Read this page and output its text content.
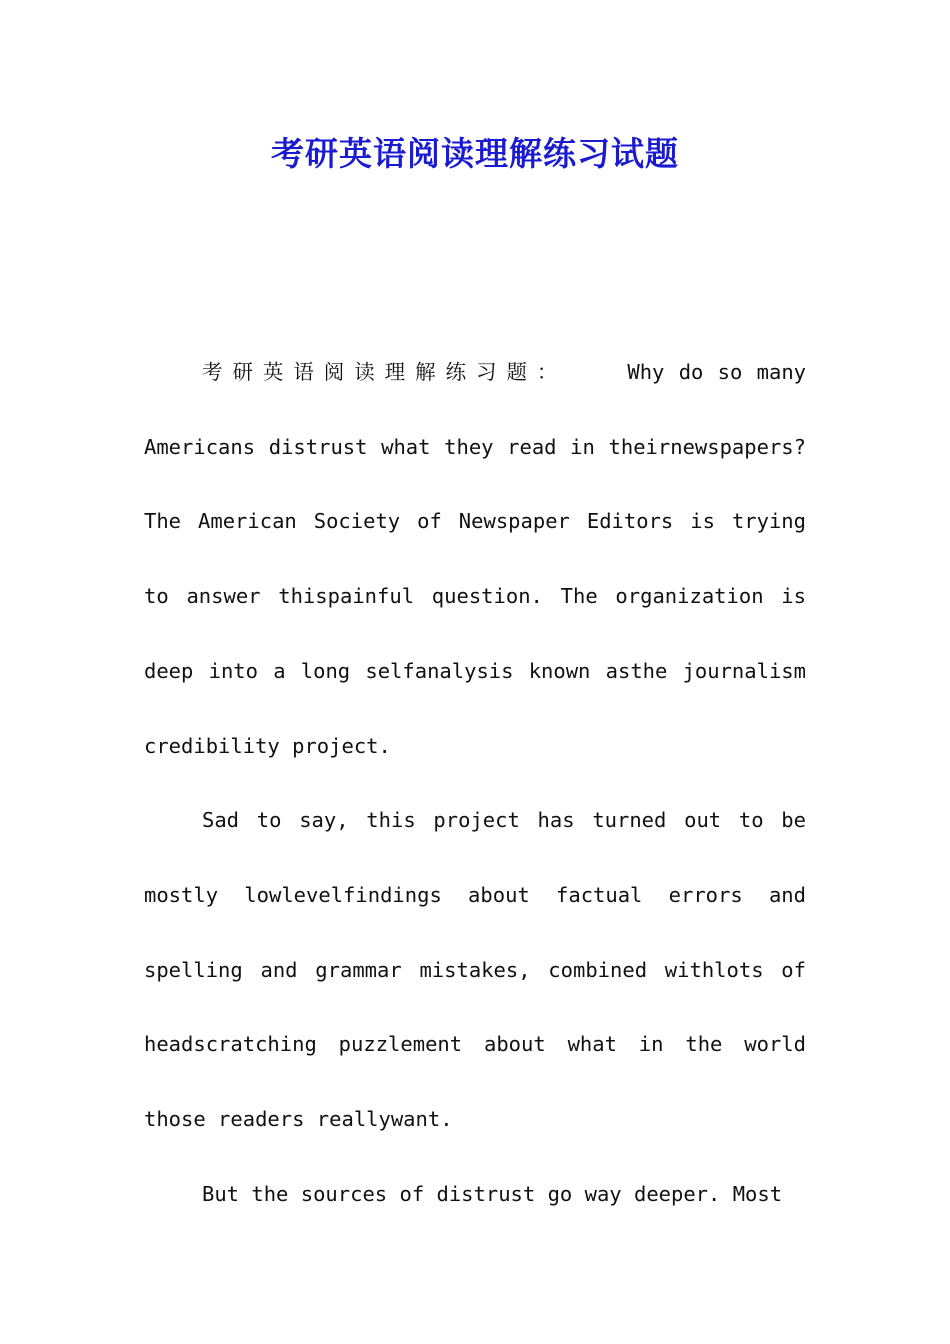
考研英语阅读理解练习试题

考研英语阅读理解练习题：	Why do so many Americans distrust what they read in theirnewspapers? The American Society of Newspaper Editors is trying to answer thispainful question. The organization is deep into a long selfanalysis known asthe journalism credibility project.

Sad to say, this project has turned out to be mostly lowlevelfindings about factual errors and spelling and grammar mistakes, combined withlots of headscratching puzzlement about what in the world those readers reallywant.

But the sources of distrust go way deeper. Most
